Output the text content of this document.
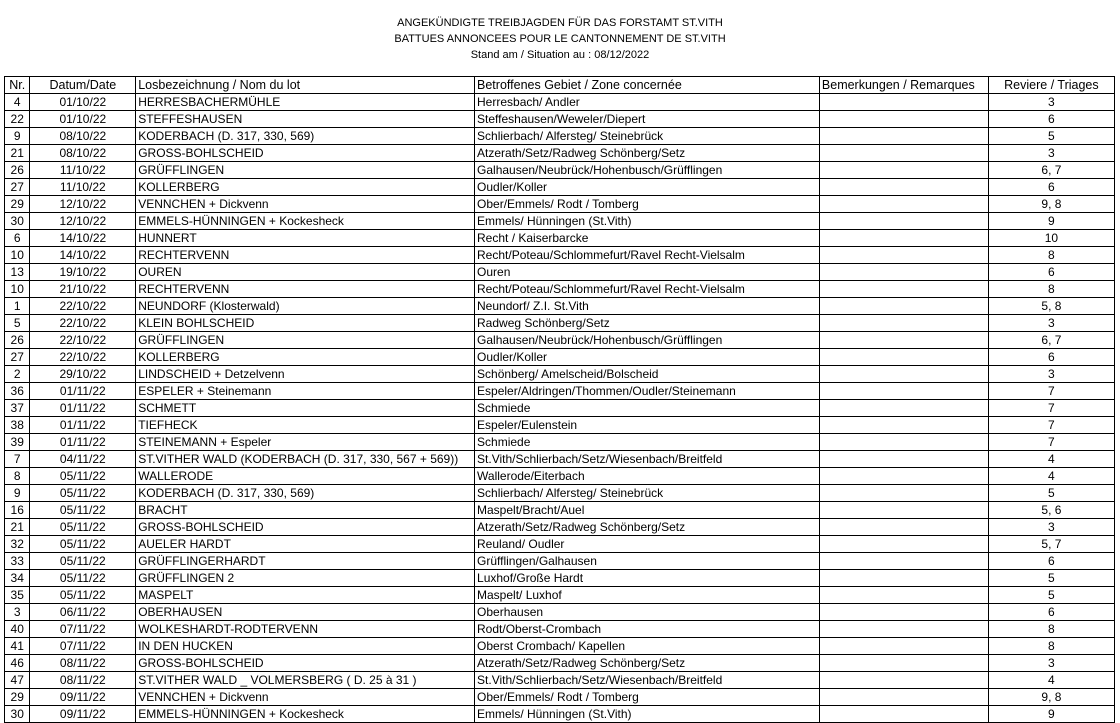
ANGEKÜNDIGTE TREIBJAGDEN FÜR DAS FORSTAMT ST.VITH
BATTUES ANNONCEES POUR LE CANTONNEMENT DE ST.VITH
Stand am / Situation au : 08/12/2022
Nr.	Datum/Date	Losbezeichnung / Nom du lot	Betroffenes Gebiet / Zone concernée	Bemerkungen / Remarques	Reviere / Triages
4	01/10/22	HERRESBACHERMÜHLE	Herresbach/ Andler		3
22	01/10/22	STEFFESHAUSEN	Steffeshausen/Weweler/Diepert		6
9	08/10/22	KODERBACH (D. 317, 330, 569)	Schlierbach/ Alfersteg/ Steinebrück		5
21	08/10/22	GROSS-BOHLSCHEID	Atzerath/Setz/Radweg Schönberg/Setz		3
26	11/10/22	GRÜFFLINGEN	Galhausen/Neubrück/Hohenbusch/Grüfflingen		6, 7
27	11/10/22	KOLLERBERG	Oudler/Koller		6
29	12/10/22	VENNCHEN + Dickvenn	Ober/Emmels/ Rodt / Tomberg		9, 8
30	12/10/22	EMMELS-HÜNNINGEN + Kockesheck	Emmels/ Hünningen (St.Vith)		9
6	14/10/22	HUNNERT	Recht / Kaiserbarcke		10
10	14/10/22	RECHTERVENN	Recht/Poteau/Schlommefurt/Ravel Recht-Vielsalm		8
13	19/10/22	OUREN	Ouren		6
10	21/10/22	RECHTERVENN	Recht/Poteau/Schlommefurt/Ravel Recht-Vielsalm		8
1	22/10/22	NEUNDORF (Klosterwald)	Neundorf/ Z.I. St.Vith		5, 8
5	22/10/22	KLEIN BOHLSCHEID	Radweg Schönberg/Setz		3
26	22/10/22	GRÜFFLINGEN	Galhausen/Neubrück/Hohenbusch/Grüfflingen		6, 7
27	22/10/22	KOLLERBERG	Oudler/Koller		6
2	29/10/22	LINDSCHEID + Detzelvenn	Schönberg/ Amelscheid/Bolscheid		3
36	01/11/22	ESPELER + Steinemann	Espeler/Aldringen/Thommen/Oudler/Steinemann		7
37	01/11/22	SCHMETT	Schmiede		7
38	01/11/22	TIEFHECK	Espeler/Eulenstein		7
39	01/11/22	STEINEMANN + Espeler	Schmiede		7
7	04/11/22	ST.VITHER WALD (KODERBACH (D. 317, 330, 567 + 569))	St.Vith/Schlierbach/Setz/Wiesenbach/Breitfeld		4
8	05/11/22	WALLERODE	Wallerode/Eiterbach		4
9	05/11/22	KODERBACH (D. 317, 330, 569)	Schlierbach/ Alfersteg/ Steinebrück		5
16	05/11/22	BRACHT	Maspelt/Bracht/Auel		5, 6
21	05/11/22	GROSS-BOHLSCHEID	Atzerath/Setz/Radweg Schönberg/Setz		3
32	05/11/22	AUELER HARDT	Reuland/ Oudler		5, 7
33	05/11/22	GRÜFFLINGERHARDT	Grüfflingen/Galhausen		6
34	05/11/22	GRÜFFLINGEN 2	Luxhof/Große Hardt		5
35	05/11/22	MASPELT	Maspelt/ Luxhof		5
3	06/11/22	OBERHAUSEN	Oberhausen		6
40	07/11/22	WOLKESHARDT-RODTERVENN	Rodt/Oberst-Crombach		8
41	07/11/22	IN DEN HUCKEN	Oberst Crombach/ Kapellen		8
46	08/11/22	GROSS-BOHLSCHEID	Atzerath/Setz/Radweg Schönberg/Setz		3
47	08/11/22	ST.VITHER WALD _ VOLMERSBERG ( D. 25 à 31 )	St.Vith/Schlierbach/Setz/Wiesenbach/Breitfeld		4
29	09/11/22	VENNCHEN + Dickvenn	Ober/Emmels/ Rodt / Tomberg		9, 8
30	09/11/22	EMMELS-HÜNNINGEN + Kockesheck	Emmels/ Hünningen (St.Vith)		9
